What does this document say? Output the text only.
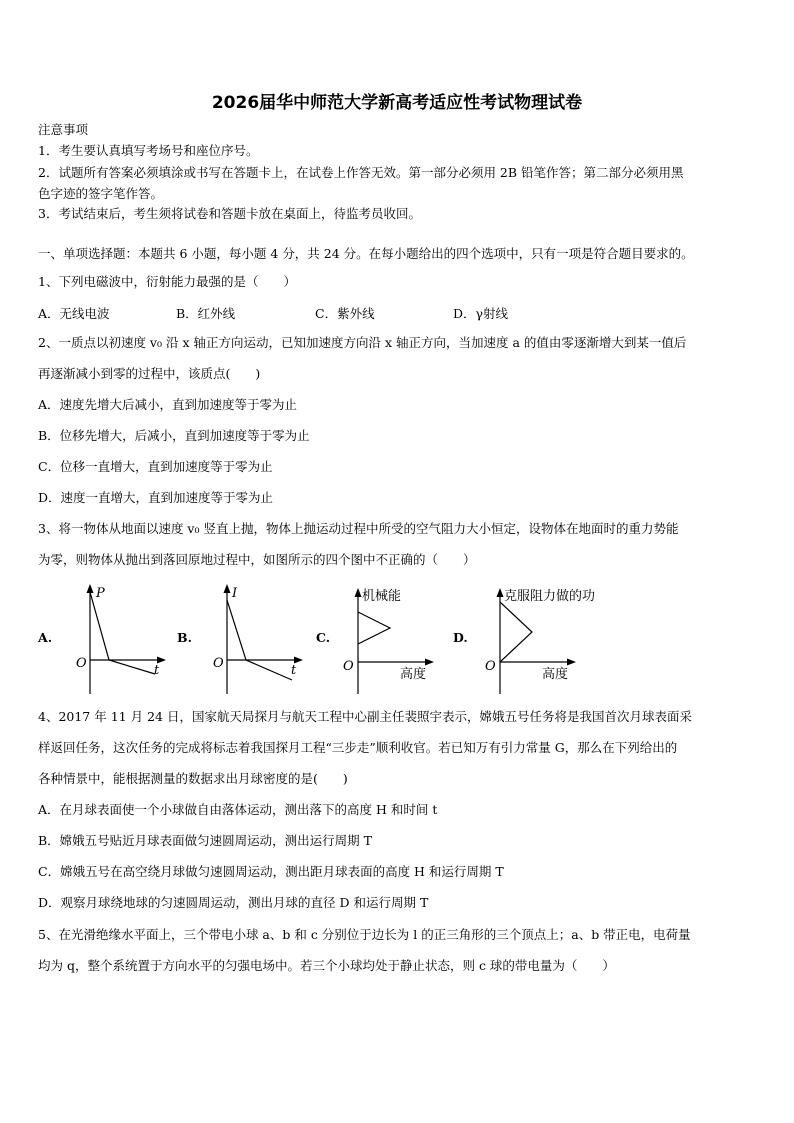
2026届华中师范大学新高考适应性考试物理试卷
注意事项
1．考生要认真填写考场号和座位序号。
2．试题所有答案必须填涂或书写在答题卡上，在试卷上作答无效。第一部分必须用 2B 铅笔作答；第二部分必须用黑
色字迹的签字笔作答。
3．考试结束后，考生须将试卷和答题卡放在桌面上，待监考员收回。
一、单项选择题：本题共 6 小题，每小题 4 分，共 24 分。在每小题给出的四个选项中，只有一项是符合题目要求的。
1、下列电磁波中，衍射能力最强的是（　　）
A．无线电波	B．红外线	C．紫外线	D．γ射线
2、一质点以初速度 v₀ 沿 x 轴正方向运动，已知加速度方向沿 x 轴正方向，当加速度 a 的值由零逐渐增大到某一值后
再逐渐减小到零的过程中，该质点(　　)
A．速度先增大后减小，直到加速度等于零为止
B．位移先增大，后减小，直到加速度等于零为止
C．位移一直增大，直到加速度等于零为止
D．速度一直增大，直到加速度等于零为止
3、将一物体从地面以速度 v₀ 竖直上抛，物体上抛运动过程中所受的空气阻力大小恒定，设物体在地面时的重力势能
为零，则物体从抛出到落回原地过程中，如图所示的四个图中不正确的（　　）
A.
P
t
O
B.
I
t
O
C.
机械能
高度
O
D.
克服阻力做的功
高度
O
4、2017 年 11 月 24 日，国家航天局探月与航天工程中心副主任裴照宇表示，嫦娥五号任务将是我国首次月球表面采
样返回任务，这次任务的完成将标志着我国探月工程“三步走”顺利收官。若已知万有引力常量 G，那么在下列给出的
各种情景中，能根据测量的数据求出月球密度的是(　　)
A．在月球表面使一个小球做自由落体运动，测出落下的高度 H 和时间 t
B．嫦娥五号贴近月球表面做匀速圆周运动，测出运行周期 T
C．嫦娥五号在高空绕月球做匀速圆周运动，测出距月球表面的高度 H 和运行周期 T
D．观察月球绕地球的匀速圆周运动，测出月球的直径 D 和运行周期 T
5、在光滑绝缘水平面上，三个带电小球 a、b 和 c 分别位于边长为 l 的正三角形的三个顶点上；a、b 带正电，电荷量
均为 q，整个系统置于方向水平的匀强电场中。若三个小球均处于静止状态，则 c 球的带电量为（　　）
